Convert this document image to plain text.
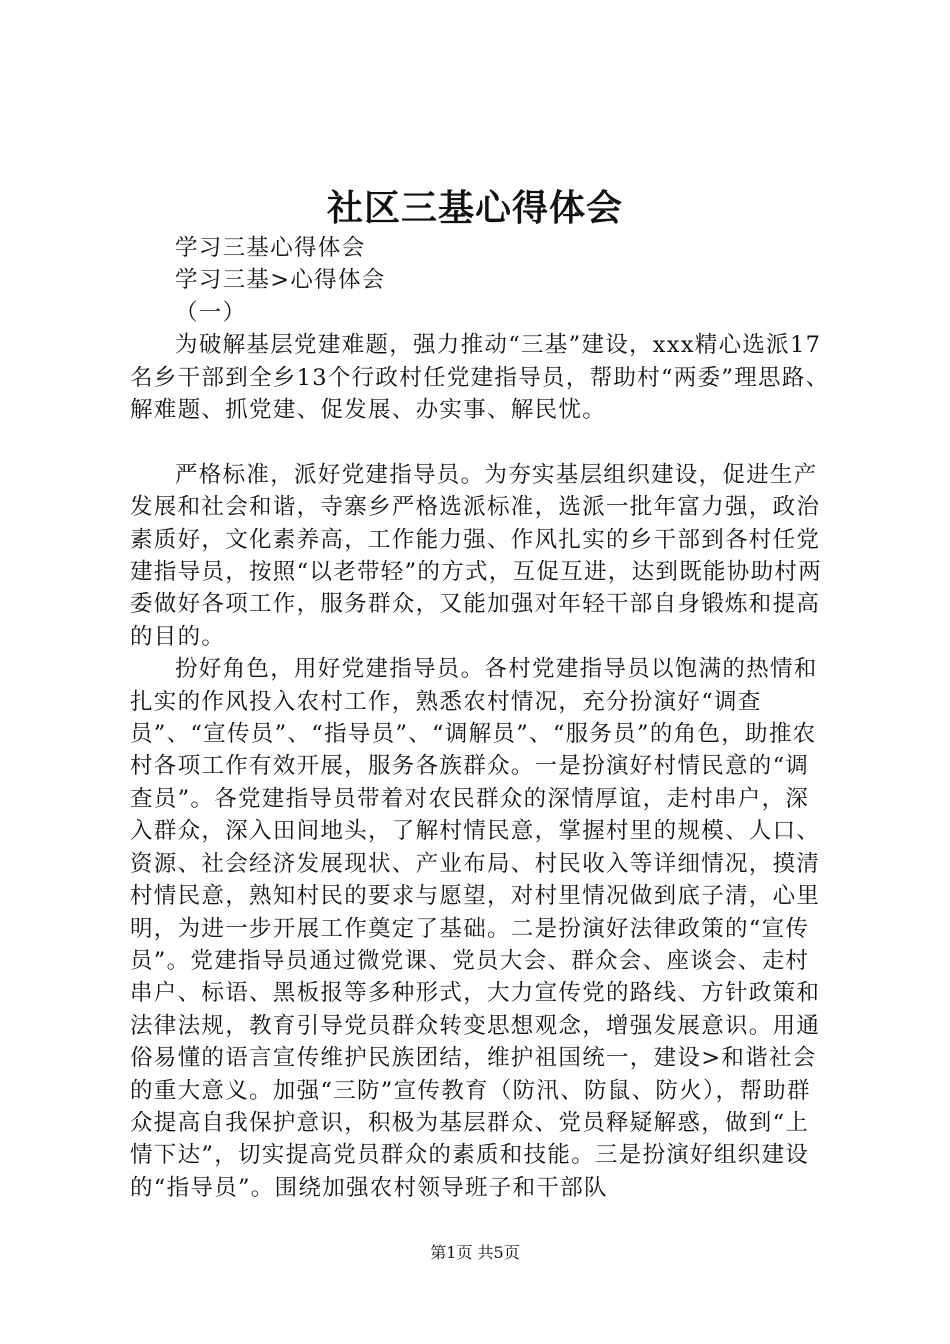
社区三基心得体会

学习三基心得体会

学习三基>心得体会

（一）

为破解基层党建难题，强力推动“三基”建设，xxx精心选派17名乡干部到全乡13个行政村任党建指导员，帮助村“两委”理思路、解难题、抓党建、促发展、办实事、解民忧。

严格标准，派好党建指导员。为夯实基层组织建设，促进生产发展和社会和谐，寺寨乡严格选派标准，选派一批年富力强，政治素质好，文化素养高，工作能力强、作风扎实的乡干部到各村任党建指导员，按照“以老带轻”的方式，互促互进，达到既能协助村两委做好各项工作，服务群众，又能加强对年轻干部自身锻炼和提高的目的。

扮好角色，用好党建指导员。各村党建指导员以饱满的热情和扎实的作风投入农村工作，熟悉农村情况，充分扮演好“调查员”、“宣传员”、“指导员”、“调解员”、“服务员”的角色，助推农村各项工作有效开展，服务各族群众。一是扮演好村情民意的“调查员”。各党建指导员带着对农民群众的深情厚谊，走村串户，深入群众，深入田间地头，了解村情民意，掌握村里的规模、人口、资源、社会经济发展现状、产业布局、村民收入等详细情况，摸清村情民意，熟知村民的要求与愿望，对村里情况做到底子清，心里明，为进一步开展工作奠定了基础。二是扮演好法律政策的“宣传员”。党建指导员通过微党课、党员大会、群众会、座谈会、走村串户、标语、黑板报等多种形式，大力宣传党的路线、方针政策和法律法规，教育引导党员群众转变思想观念，增强发展意识。用通俗易懂的语言宣传维护民族团结，维护祖国统一，建设>和谐社会的重大意义。加强“三防”宣传教育（防汛、防鼠、防火），帮助群众提高自我保护意识，积极为基层群众、党员释疑解惑，做到“上情下达”，切实提高党员群众的素质和技能。三是扮演好组织建设的“指导员”。围绕加强农村领导班子和干部队

第1页 共5页
